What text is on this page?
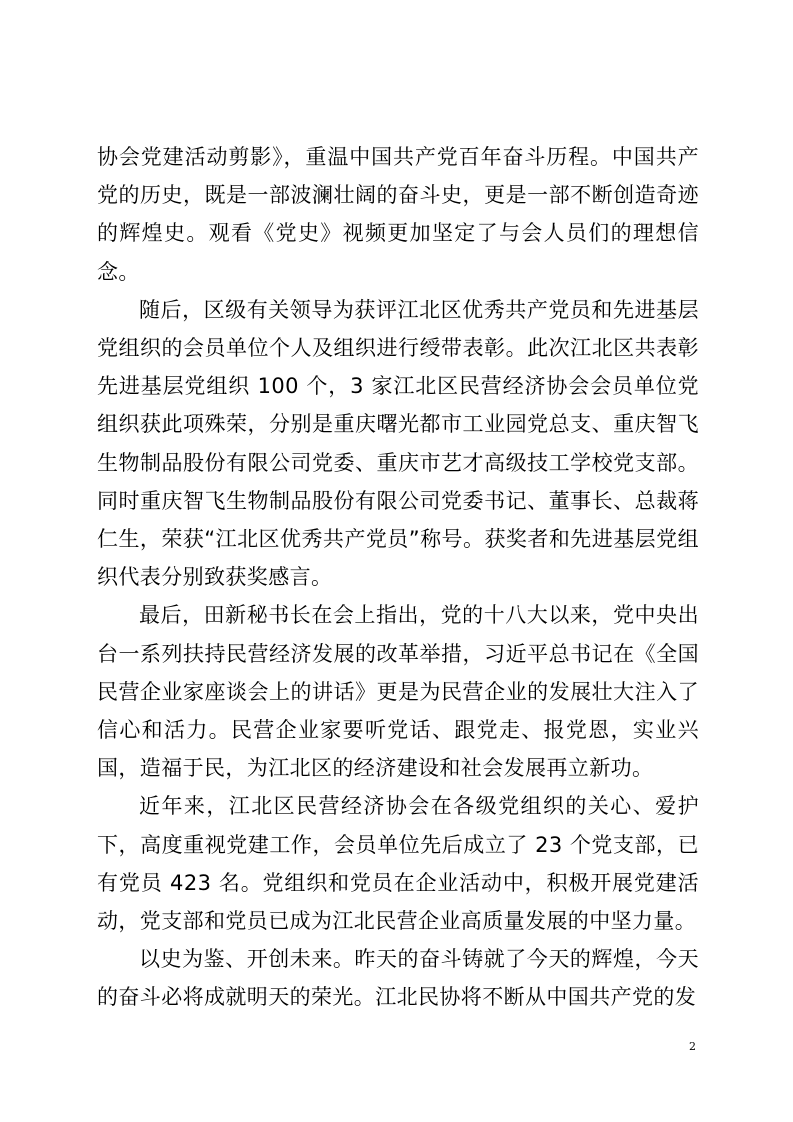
协会党建活动剪影》，重温中国共产党百年奋斗历程。中国共产党的历史，既是一部波澜壮阔的奋斗史，更是一部不断创造奇迹的辉煌史。观看《党史》视频更加坚定了与会人员们的理想信念。

随后，区级有关领导为获评江北区优秀共产党员和先进基层党组织的会员单位个人及组织进行绶带表彰。此次江北区共表彰先进基层党组织 100 个，3 家江北区民营经济协会会员单位党组织获此项殊荣，分别是重庆曙光都市工业园党总支、重庆智飞生物制品股份有限公司党委、重庆市艺才高级技工学校党支部。同时重庆智飞生物制品股份有限公司党委书记、董事长、总裁蒋仁生，荣获“江北区优秀共产党员”称号。获奖者和先进基层党组织代表分别致获奖感言。

最后，田新秘书长在会上指出，党的十八大以来，党中央出台一系列扶持民营经济发展的改革举措，习近平总书记在《全国民营企业家座谈会上的讲话》更是为民营企业的发展壮大注入了信心和活力。民营企业家要听党话、跟党走、报党恩，实业兴国，造福于民，为江北区的经济建设和社会发展再立新功。

近年来，江北区民营经济协会在各级党组织的关心、爱护下，高度重视党建工作，会员单位先后成立了 23 个党支部，已有党员 423 名。党组织和党员在企业活动中，积极开展党建活动，党支部和党员已成为江北民营企业高质量发展的中坚力量。

以史为鉴、开创未来。昨天的奋斗铸就了今天的辉煌，今天的奋斗必将成就明天的荣光。江北民协将不断从中国共产党的发

2
